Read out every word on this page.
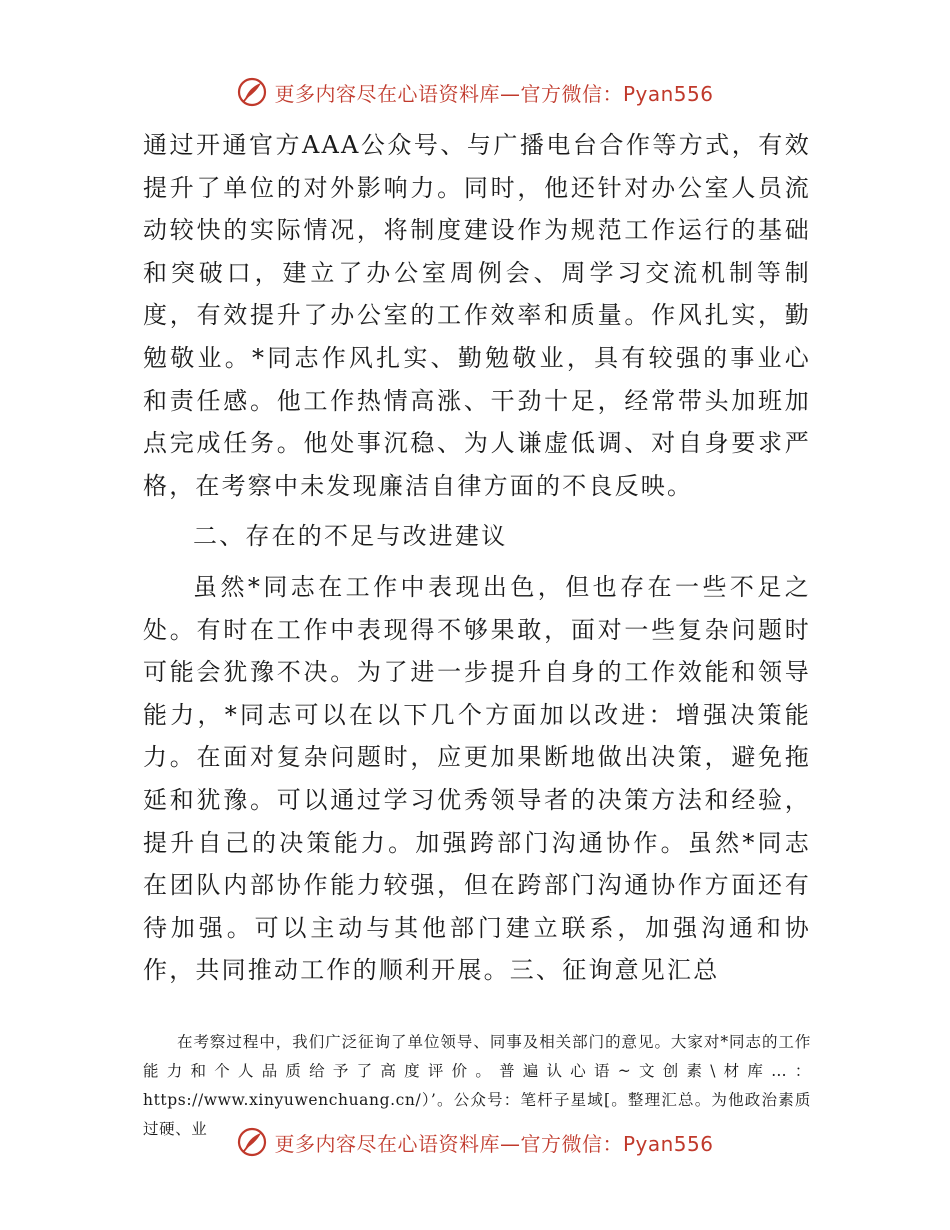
更多内容尽在心语资料库—官方微信：Pyan556

通过开通官方AAA公众号、与广播电台合作等方式，有效提升了单位的对外影响力。同时，他还针对办公室人员流动较快的实际情况，将制度建设作为规范工作运行的基础和突破口，建立了办公室周例会、周学习交流机制等制度，有效提升了办公室的工作效率和质量。作风扎实，勤勉敬业。*同志作风扎实、勤勉敬业，具有较强的事业心和责任感。他工作热情高涨、干劲十足，经常带头加班加点完成任务。他处事沉稳、为人谦虚低调、对自身要求严格，在考察中未发现廉洁自律方面的不良反映。

二、存在的不足与改进建议

虽然*同志在工作中表现出色，但也存在一些不足之处。有时在工作中表现得不够果敢，面对一些复杂问题时可能会犹豫不决。为了进一步提升自身的工作效能和领导能力，*同志可以在以下几个方面加以改进：增强决策能力。在面对复杂问题时，应更加果断地做出决策，避免拖延和犹豫。可以通过学习优秀领导者的决策方法和经验，提升自己的决策能力。加强跨部门沟通协作。虽然*同志在团队内部协作能力较强，但在跨部门沟通协作方面还有待加强。可以主动与其他部门建立联系，加强沟通和协作，共同推动工作的顺利开展。三、征询意见汇总

在考察过程中，我们广泛征询了单位领导、同事及相关部门的意见。大家对*同志的工作能力和个人品质给予了高度评价。普遍认心语~文创素\材库…：https://www.xinyuwenchuang.cn/）’。公众号：笔杆子星域[。整理汇总。为他政治素质过硬、业

更多内容尽在心语资料库—官方微信：Pyan556
